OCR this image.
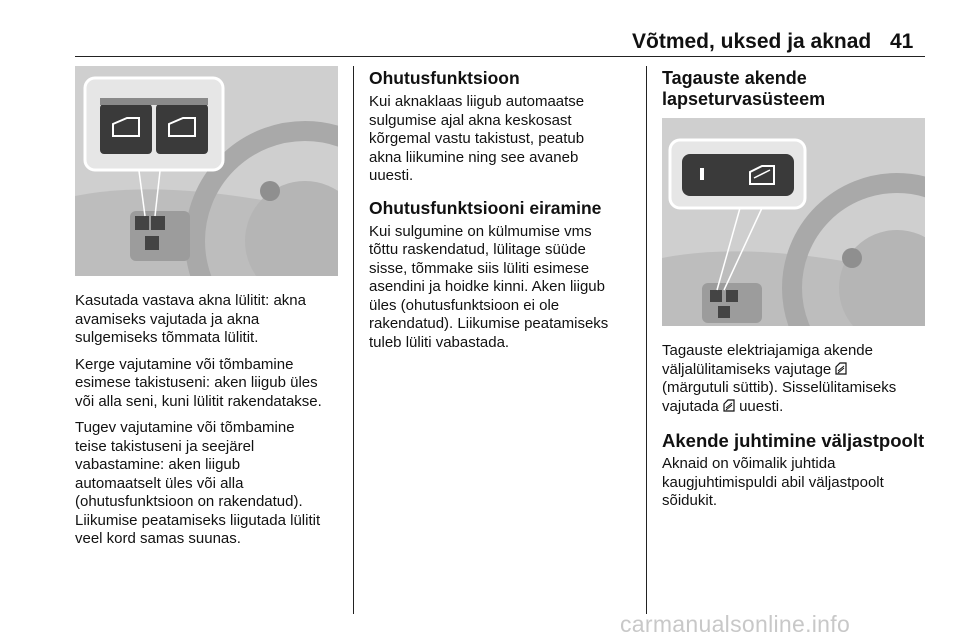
Võtmed, uksed ja aknad 41

Kasutada vastava akna lülitit: akna
avamiseks vajutada ja akna
sulgemiseks tõmmata lülitit.

Kerge vajutamine või tõmbamine
esimese takistuseni: aken liigub üles
või alla seni, kuni lülitit rakendatakse.

Tugev vajutamine või tõmbamine
teise takistuseni ja seejärel
vabastamine: aken liigub
automaatselt üles või alla
(ohutusfunktsioon on rakendatud).
Liikumise peatamiseks liigutada lülitit
veel kord samas suunas.

Ohutusfunktsioon

Kui aknaklaas liigub automaatse
sulgumise ajal akna keskosast
kõrgemal vastu takistust, peatub
akna liikumine ning see avaneb
uuesti.

Ohutusfunktsiooni eiramine

Kui sulgumine on külmumise vms
tõttu raskendatud, lülitage süüde
sisse, tõmmake siis lüliti esimese
asendini ja hoidke kinni. Aken liigub
üles (ohutusfunktsioon ei ole
rakendatud). Liikumise peatamiseks
tuleb lüliti vabastada.

Tagauste akende
lapseturvasüsteem

Tagauste elektriajamiga akende
väljalülitamiseks vajutage
(märgutuli süttib). Sisselülitamiseks
vajutada uuesti.

Akende juhtimine väljastpoolt

Aknaid on võimalik juhtida
kaugjuhtimispuldi abil väljastpoolt
sõidukit.

carmanualsonline.info
